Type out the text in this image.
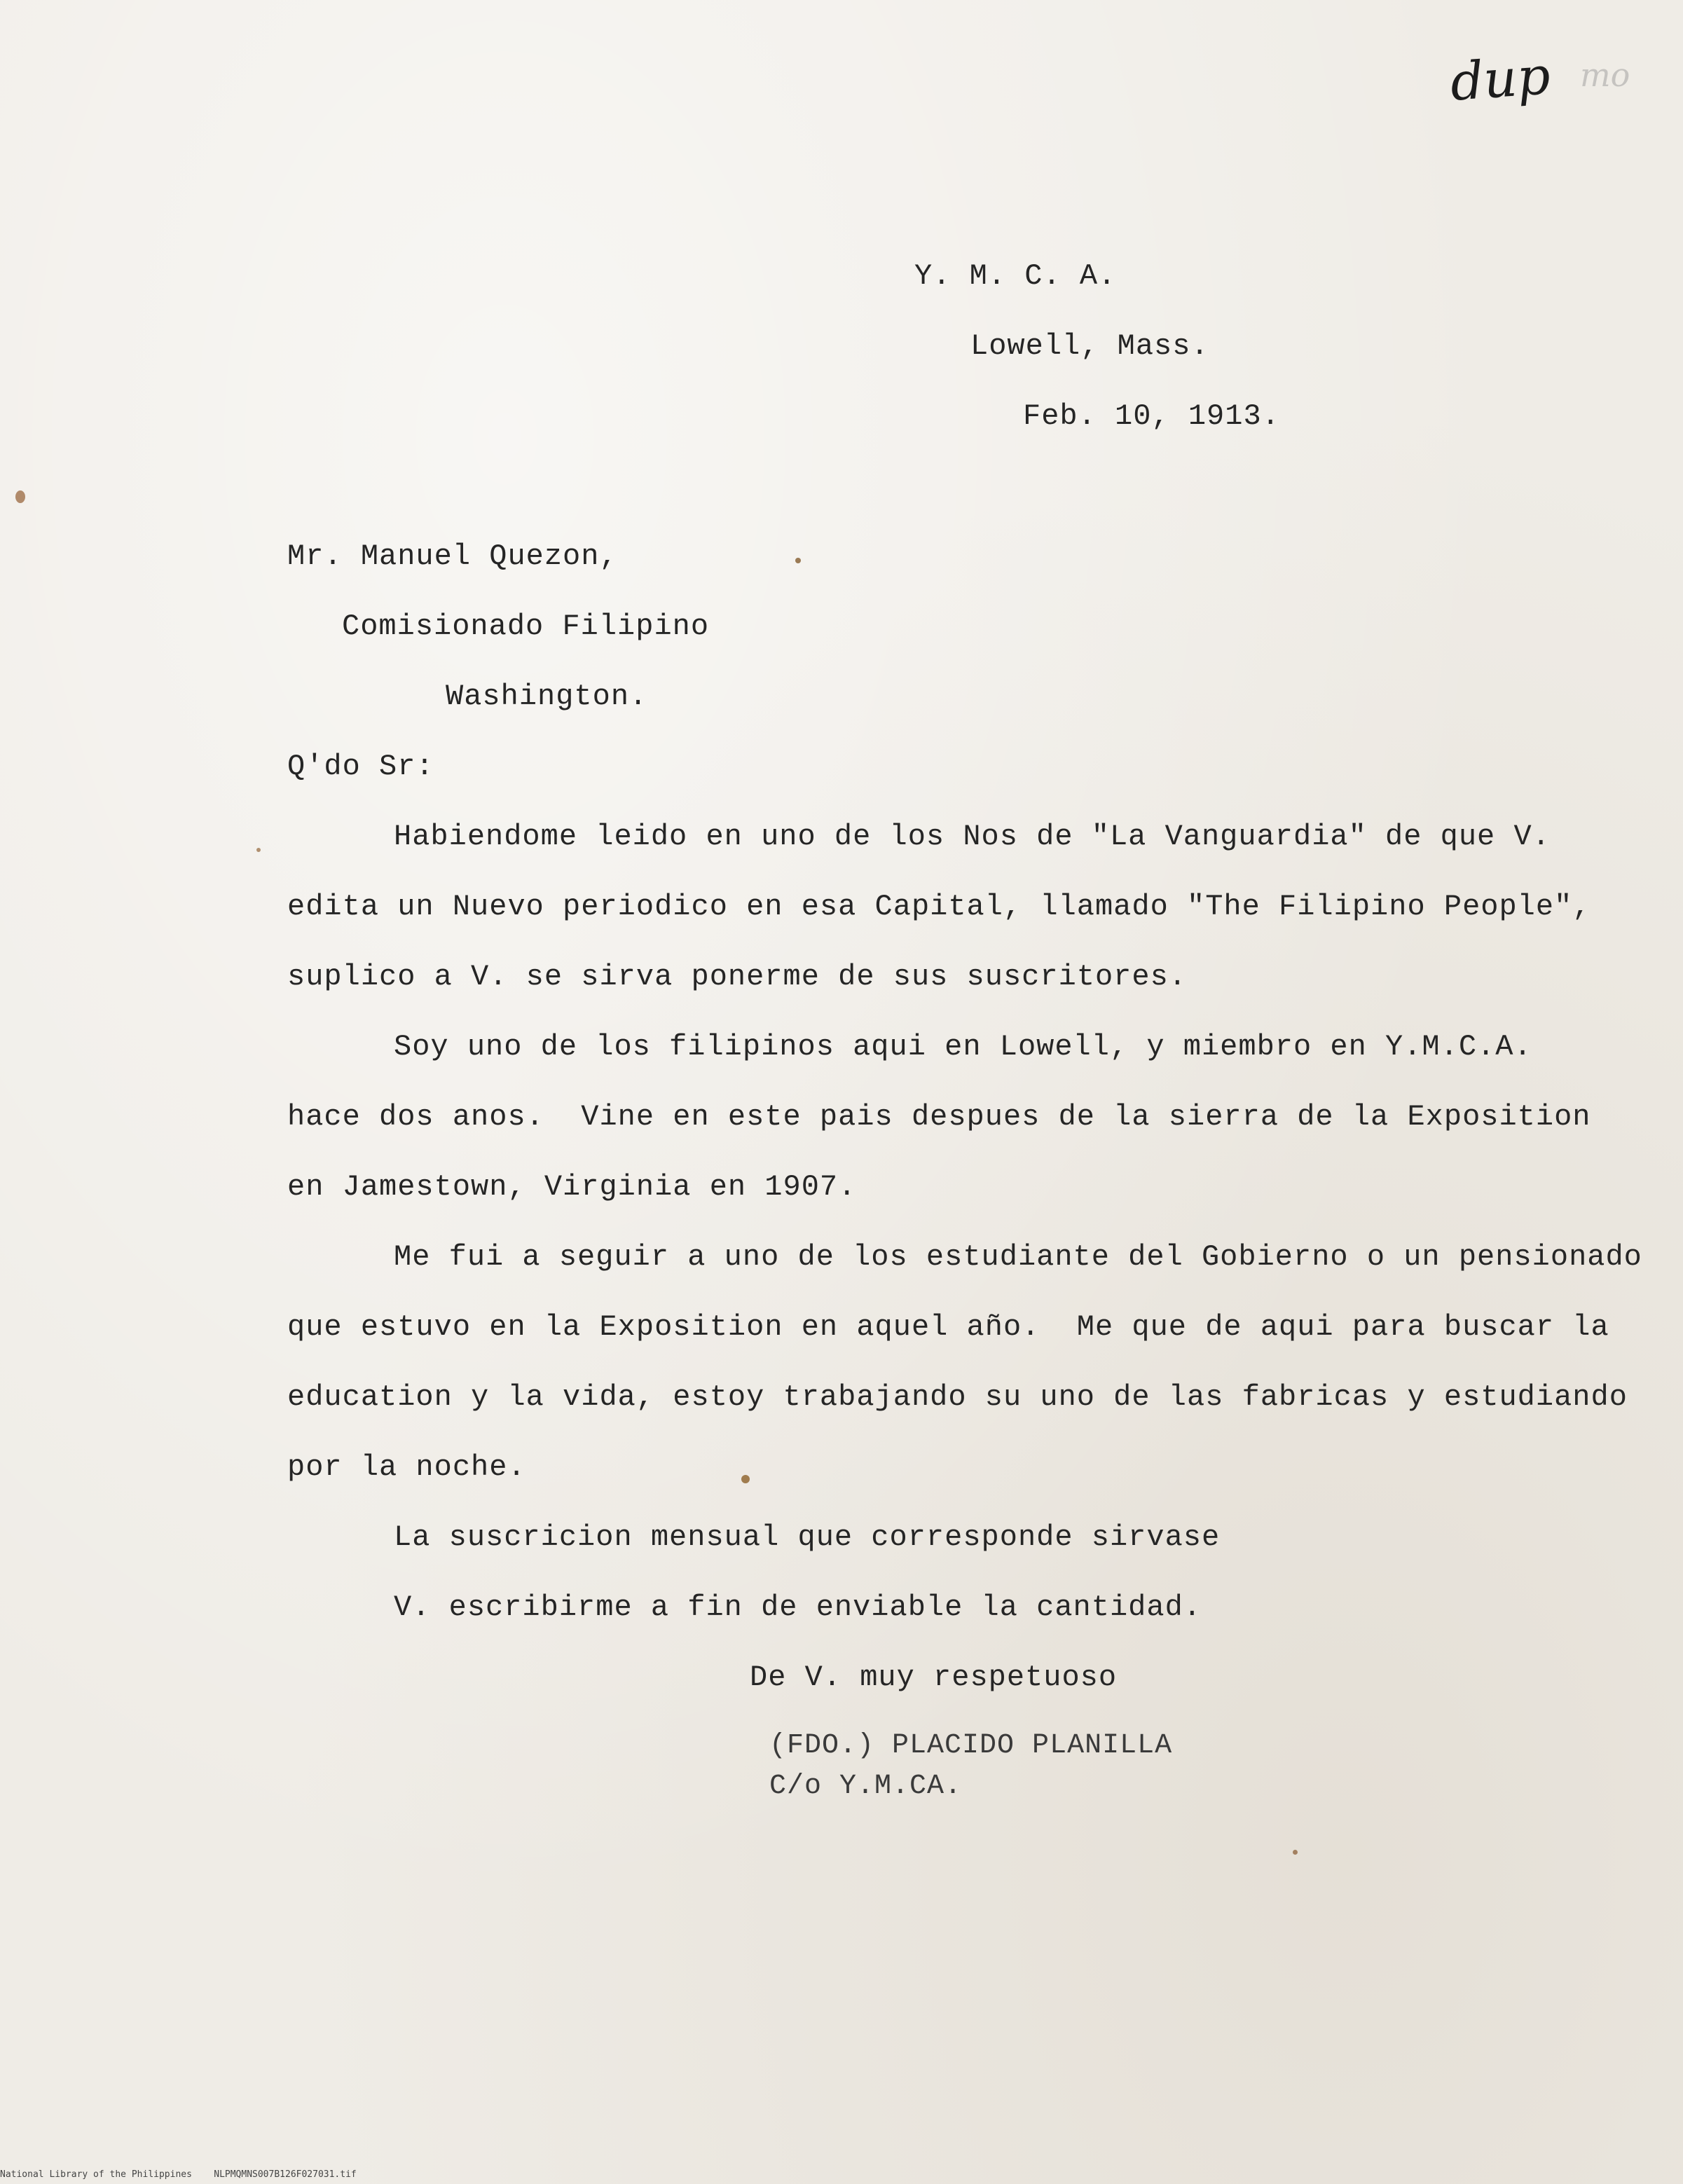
dup mo
Y. M. C. A.
Lowell, Mass.
Feb. 10, 1913.
Mr. Manuel Quezon,
Comisionado Filipino
Washington.
Q'do Sr:
Habiendome leido en uno de los Nos de "La Vanguardia" de que V.
edita un Nuevo periodico en esa Capital, llamado "The Filipino People",
suplico a V. se sirva ponerme de sus suscritores.
Soy uno de los filipinos aqui en Lowell, y miembro en Y.M.C.A.
hace dos anos.  Vine en este pais despues de la sierra de la Exposition
en Jamestown, Virginia en 1907.
Me fui a seguir a uno de los estudiante del Gobierno o un pensionado
que estuvo en la Exposition en aquel año.  Me que de aqui para buscar la
education y la vida, estoy trabajando su uno de las fabricas y estudiando
por la noche.
La suscricion mensual que corresponde sirvase
V. escribirme a fin de enviable la cantidad.
De V. muy respetuoso
(FDO.) PLACIDO PLANILLA
C/o Y.M.CA.
National Library of the Philippines    NLPMQMNS007B126F027031.tif
